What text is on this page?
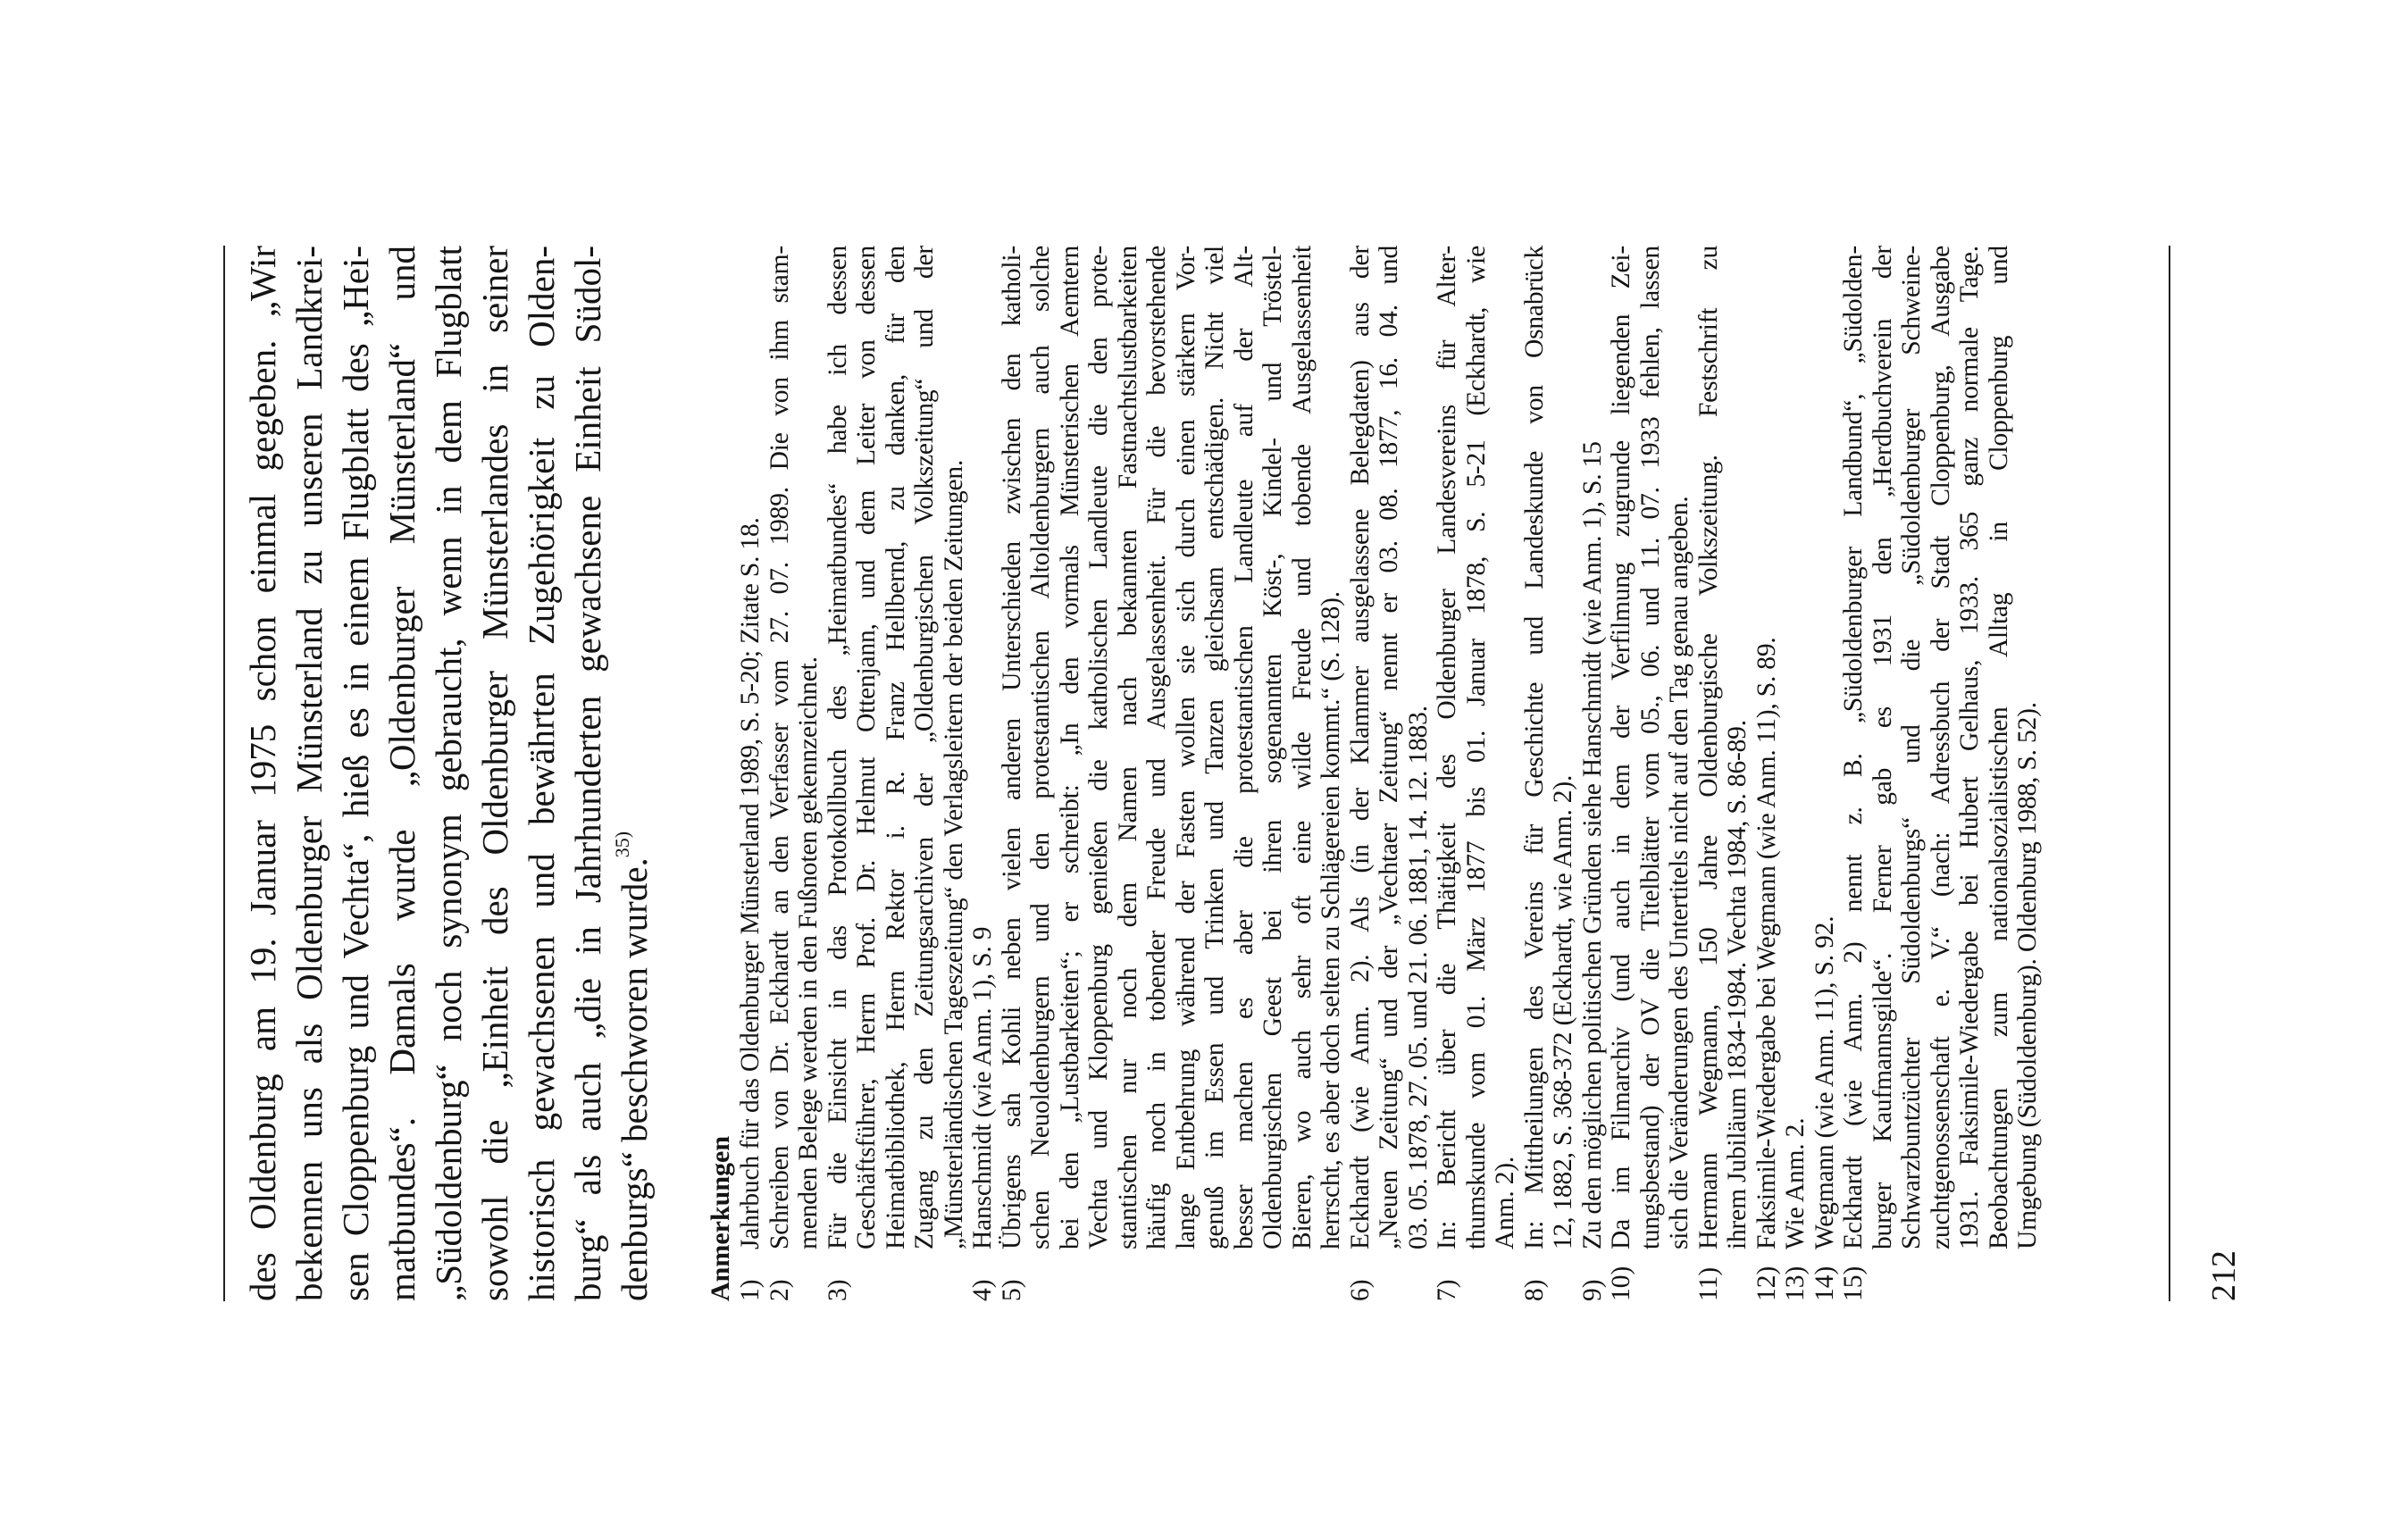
des Oldenburg am 19. Januar 1975 schon einmal gegeben. „Wir bekennen uns als Oldenburger Münsterland zu unseren Landkrei- sen Cloppenburg und Vechta“, hieß es in einem Flugblatt des „Hei- matbundes“. Damals wurde „Oldenburger Münsterland“ und „Südoldenburg“ noch synonym gebraucht, wenn in dem Flugblatt sowohl die „Einheit des Oldenburger Münsterlandes in seiner historisch gewachsenen und bewährten Zugehörigkeit zu Olden- burg“ als auch „die in Jahrhunderten gewachsene Einheit Südol- denburgs“ beschworen wurde.$^{35)}$

Anmerkungen 1)
Jahrbuch für das Oldenburger Münsterland 1989, S. 5-20; Zitate S. 18.
2)
Schreiben von Dr. Eckhardt an den Verfasser vom 27. 07. 1989. Die von ihm stam- menden Belege werden in den Fußnoten gekennzeichnet.
3)
Für die Einsicht in das Protokollbuch des „Heimatbundes“ habe ich dessen Geschäftsführer, Herrn Prof. Dr. Helmut Ottenjann, und dem Leiter von dessen Heimatbibliothek, Herrn Rektor i. R. Franz Hellbernd, zu danken, für den Zugang zu den Zeitungsarchiven der „Oldenburgischen Volkszeitung“ und der „Münsterländischen Tageszeitung“ den Verlagsleitern der beiden Zeitungen.
4)
Hanschmidt (wie Anm. 1), S. 9
5)
Übrigens sah Kohli neben vielen anderen Unterschieden zwischen den katholi- schen Neuoldenburgern und den protestantischen Altoldenburgern auch solche bei den „Lustbarkeiten“; er schreibt: „In den vormals Münsterischen Aemtern Vechta und Kloppenburg genießen die katholischen Landleute die den prote- stantischen nur noch dem Namen nach bekannten Fastnachtslustbarkeiten häufig noch in tobender Freude und Ausgelassenheit. Für die bevorstehende lange Entbehrung während der Fasten wollen sie sich durch einen stärkern Vor- genuß im Essen und Trinken und Tanzen gleichsam entschädigen. Nicht viel besser machen es aber die protestantischen Landleute auf der Alt- Oldenburgischen Geest bei ihren sogenannten Köst-, Kindel- und Tröstel- Bieren, wo auch sehr oft eine wilde Freude und tobende Ausgelassenheit herrscht, es aber doch selten zu Schlägereien kommt.“ (S. 128).
6)
Eckhardt (wie Anm. 2). Als (in der Klammer ausgelassene Belegdaten) aus der „Neuen Zeitung“ und der „Vechtaer Zeitung“ nennt er 03. 08. 1877, 16. 04. und 03. 05. 1878, 27. 05. und 21. 06. 1881, 14. 12. 1883.
7)
In: Bericht über die Thätigkeit des Oldenburger Landesvereins für Alter- thumskunde vom 01. März 1877 bis 01. Januar 1878, S. 5-21 (Eckhardt, wie Anm. 2).
8)
In: Mittheilungen des Vereins für Geschichte und Landeskunde von Osnabrück 12, 1882, S. 368-372 (Eckhardt, wie Anm. 2).
9)
Zu den möglichen politischen Gründen siehe Hanschmidt (wie Anm. 1), S. 15
10)
Da im Filmarchiv (und auch in dem der Verfilmung zugrunde liegenden Zei- tungsbestand) der OV die Titelblätter vom 05., 06. und 11. 07. 1933 fehlen, lassen sich die Veränderungen des Untertitels nicht auf den Tag genau angeben.
11)
Hermann Wegmann, 150 Jahre Oldenburgische Volkszeitung. Festschrift zu ihrem Jubiläum 1834-1984. Vechta 1984, S. 86-89.
12)
Faksimile-Wiedergabe bei Wegmann (wie Anm. 11), S. 89.
13)
Wie Anm. 2.
14)
Wegmann (wie Anm. 11), S. 92.
15)
Eckhardt (wie Anm. 2) nennt z. B. „Südoldenburger Landbund“, „Südolden- burger Kaufmannsgilde“. Ferner gab es 1931 den „Herdbuchverein der Schwarzbuntzüchter Südoldenburgs“ und die „Südoldenburger Schweine- zuchtgenossenschaft e. V.“ (nach: Adressbuch der Stadt Cloppenburg, Ausgabe 1931. Faksimile-Wiedergabe bei Hubert Gelhaus, 1933. 365 ganz normale Tage. Beobachtungen zum nationalsozialistischen Alltag in Cloppenburg und Umgebung (Südoldenburg). Oldenburg 1988, S. 52).
212
